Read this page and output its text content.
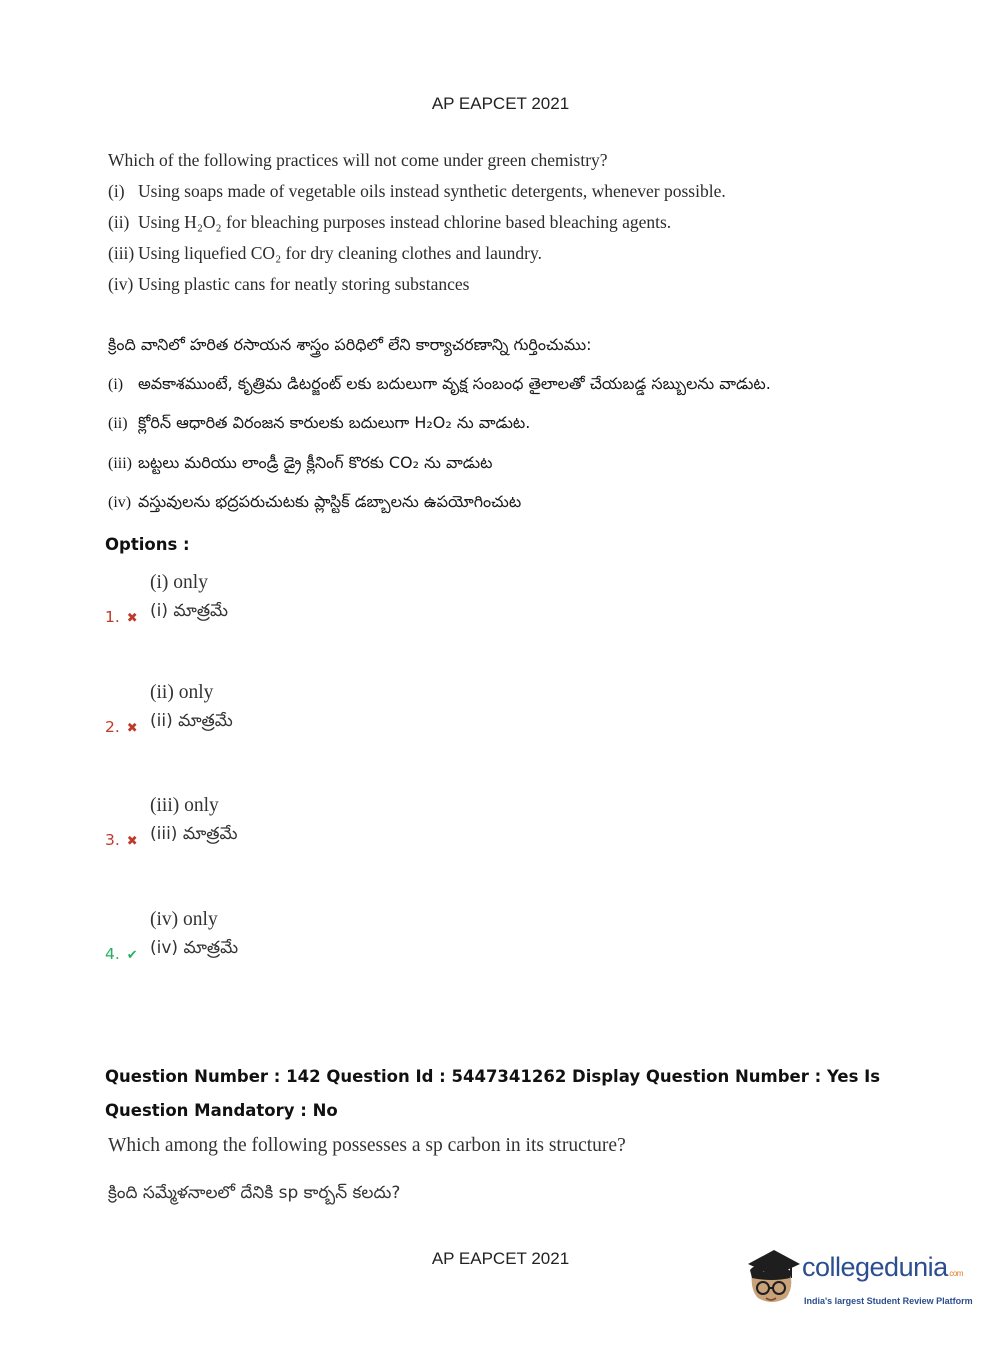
AP EAPCET 2021
Which of the following practices will not come under green chemistry?
(i) Using soaps made of vegetable oils instead synthetic detergents, whenever possible.
(ii) Using H₂O₂ for bleaching purposes instead chlorine based bleaching agents.
(iii) Using liquefied CO₂ for dry cleaning clothes and laundry.
(iv) Using plastic cans for neatly storing substances
క్రింది వానిలో హరిత రసాయన శాస్త్రం పరిధిలో లేని కార్యాచరణాన్ని గుర్తించుము:
(i) అవకాశముంటే, కృత్రిమ డిటర్జంట్ లకు బదులుగా వృక్ష సంబంధ తైలాలతో చేయబడ్డ సబ్బులను వాడుట.
(ii) క్లోరిన్ ఆధారిత విరంజన కారులకు బదులుగా H₂O₂ ను వాడుట.
(iii) బట్టలు మరియు లాండ్రీ డ్రై క్లీనింగ్ కొరకు CO₂ ను వాడుట
(iv) వస్తువులను భద్రపరుచుటకు ప్లాస్టిక్ డబ్బాలను ఉపయోగించుట
Options :
1. ✖
(i) only
(i) మాత్రమే
2. ✖
(ii) only
(ii) మాత్రమే
3. ✖
(iii) only
(iii) మాత్రమే
4. ✔
(iv) only
(iv) మాత్రమే
Question Number : 142 Question Id : 5447341262 Display Question Number : Yes Is Question Mandatory : No
Which among the following possesses a sp carbon in its structure?
క్రింది సమ్మేళనాలలో దేనికి sp కార్బన్ కలదు?
AP EAPCET 2021	collegedunia.com
India's largest Student Review Platform
